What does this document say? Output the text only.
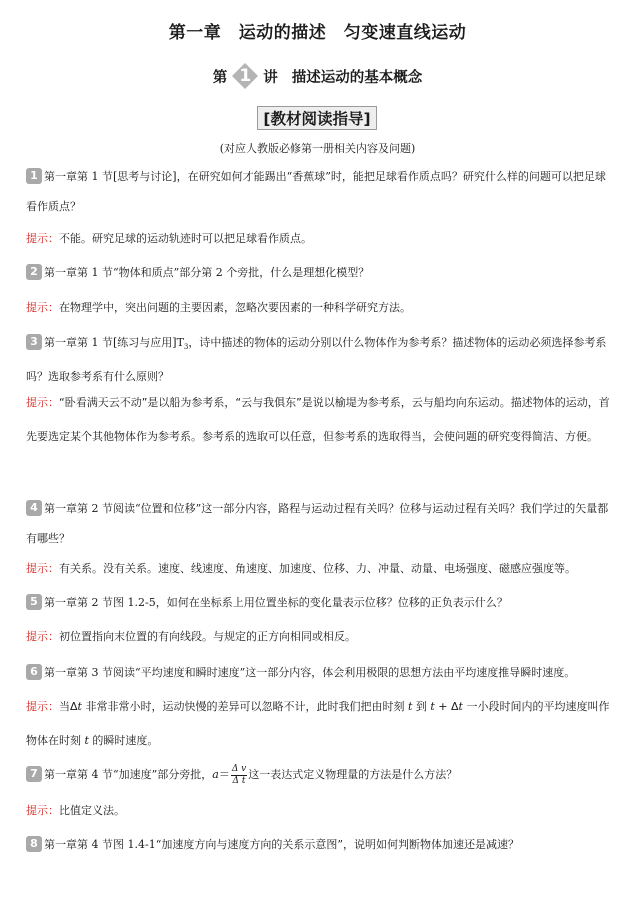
第一章　运动的描述　匀变速直线运动
第 1 讲 描述运动的基本概念
[教材阅读指导]
(对应人教版必修第一册相关内容及问题)
1 第一章第 1 节[思考与讨论]，在研究如何才能踢出“香蕉球”时，能把足球看作质点吗？研究什么样的问题可以把足球看作质点？
提示：不能。研究足球的运动轨迹时可以把足球看作质点。
2 第一章第 1 节“物体和质点”部分第 2 个旁批，什么是理想化模型？
提示：在物理学中，突出问题的主要因素，忽略次要因素的一种科学研究方法。
3 第一章第 1 节[练习与应用]$T_3$，诗中描述的物体的运动分别以什么物体作为参考系？描述物体的运动必须选择参考系吗？选取参考系有什么原则？
提示：“卧看满天云不动”是以船为参考系，“云与我俱东”是说以榆堤为参考系，云与船均向东运动。描述物体的运动，首先要选定某个其他物体作为参考系。参考系的选取可以任意，但参考系的选取得当，会使问题的研究变得简洁、方便。
4 第一章第 2 节阅读“位置和位移”这一部分内容，路程与运动过程有关吗？位移与运动过程有关吗？我们学过的矢量都有哪些？
提示：有关系。没有关系。速度、线速度、角速度、加速度、位移、力、冲量、动量、电场强度、磁感应强度等。
5 第一章第 2 节图 1.2-5，如何在坐标系上用位置坐标的变化量表示位移？位移的正负表示什么？
提示：初位置指向末位置的有向线段。与规定的正方向相同或相反。
6 第一章第 3 节阅读“平均速度和瞬时速度”这一部分内容，体会利用极限的思想方法由平均速度推导瞬时速度。
提示：当Δt 非常非常小时，运动快慢的差异可以忽略不计，此时我们把由时刻 t 到 t + Δt 一小段时间内的平均速度叫作物体在时刻 t 的瞬时速度。
7 第一章第 4 节“加速度”部分旁批，$a= \frac{\text{Δ v}}{\text{Δ t}}$ 这一表达式定义物理量的方法是什么方法？
提示：比值定义法。
8 第一章第 4 节图 1.4-1“加速度方向与速度方向的关系示意图”，说明如何判断物体加速还是减速？
